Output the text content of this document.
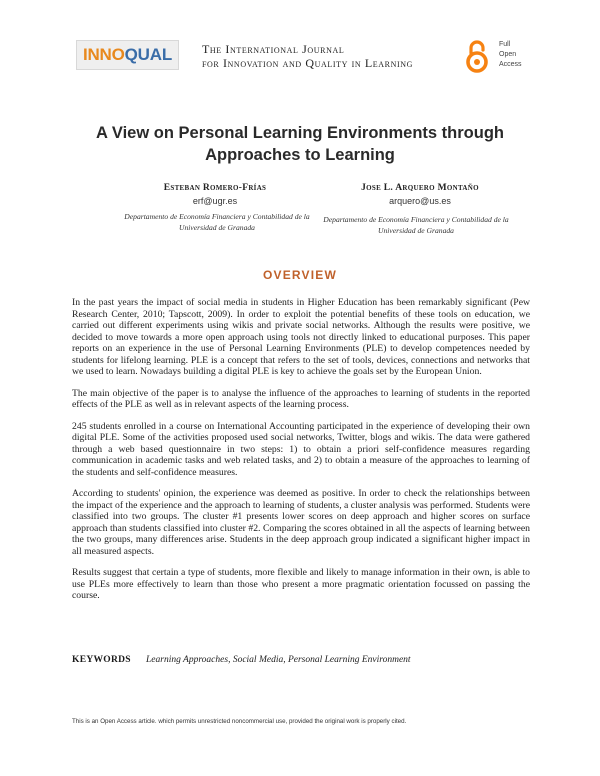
INNOQUAL	The International Journal
for Innovation and Quality in Learning
Full
Open
Access
A View on Personal Learning Environments through
Approaches to Learning
Esteban Romero-Frías
erf@ugr.es
Departamento de Economía Financiera y Contabilidad de la
Universidad de Granada
Jose L. Arquero Montaño
arquero@us.es
Departamento de Economía Financiera y Contabilidad de la
Universidad de Granada
OVERVIEW

In the past years the impact of social media in students in Higher Education has been remarkably significant (Pew Research Center, 2010; Tapscott, 2009). In order to exploit the potential benefits of these tools on education, we carried out different experiments using wikis and private social networks. Although the results were positive, we decided to move towards a more open approach using tools not directly linked to educational purposes. This paper reports on an experience in the use of Personal Learning Environments (PLE) to develop competences needed by students for lifelong learning. PLE is a concept that refers to the set of tools, devices, connections and networks that we used to learn. Nowadays building a digital PLE is key to achieve the goals set by the European Union.

The main objective of the paper is to analyse the influence of the approaches to learning of students in the reported effects of the PLE as well as in relevant aspects of the learning process.

245 students enrolled in a course on International Accounting participated in the experience of developing their own digital PLE. Some of the activities proposed used social networks, Twitter, blogs and wikis. The data were gathered through a web based questionnaire in two steps: 1) to obtain a priori self-confidence measures regarding communication in academic tasks and web related tasks, and 2) to obtain a measure of the approaches to learning of the students and self-confidence measures.

According to students' opinion, the experience was deemed as positive. In order to check the relationships between the impact of the experience and the approach to learning of students, a cluster analysis was performed. Students were classified into two groups. The cluster #1 presents lower scores on deep approach and higher scores on surface approach than students classified into cluster #2. Comparing the scores obtained in all the aspects of learning between the two groups, many differences arise. Students in the deep approach group indicated a significant higher impact in all measured aspects.

Results suggest that certain a type of students, more flexible and likely to manage information in their own, is able to use PLEs more effectively to learn than those who present a more pragmatic orientation focussed on passing the course.

KEYWORDS Learning Approaches, Social Media, Personal Learning Environment
This is an Open Access article. which permits unrestricted noncommercial use, provided the original work is properly cited.
